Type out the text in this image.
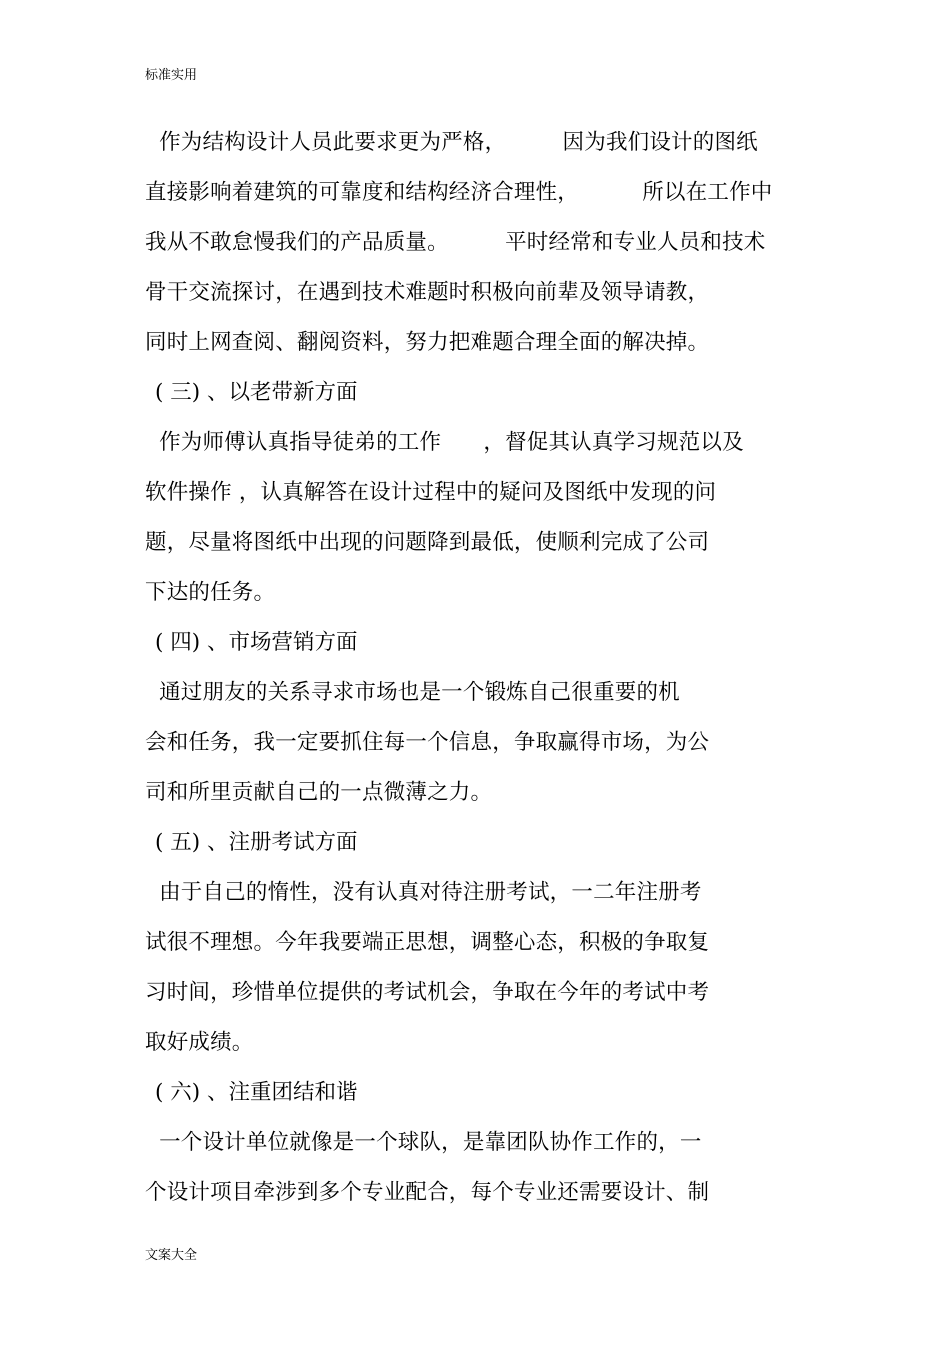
标准实用
作为结构设计人员此要求更为严格，        因为我们设计的图纸
直接影响着建筑的可靠度和结构经济合理性，         所以在工作中
我从不敢怠慢我们的产品质量。        平时经常和专业人员和技术
骨干交流探讨，在遇到技术难题时积极向前辈及领导请教，
同时上网查阅、翻阅资料，努力把难题合理全面的解决掉。
( 三) 、以老带新方面
作为师傅认真指导徒弟的工作      ，督促其认真学习规范以及
软件操作 ，认真解答在设计过程中的疑问及图纸中发现的问
题，尽量将图纸中出现的问题降到最低，使顺利完成了公司
下达的任务。
( 四) 、市场营销方面
通过朋友的关系寻求市场也是一个锻炼自己很重要的机
会和任务，我一定要抓住每一个信息，争取赢得市场，为公
司和所里贡献自己的一点微薄之力。
( 五) 、注册考试方面
由于自己的惰性，没有认真对待注册考试，一二年注册考
试很不理想。今年我要端正思想，调整心态，积极的争取复
习时间，珍惜单位提供的考试机会，争取在今年的考试中考
取好成绩。
( 六) 、注重团结和谐
一个设计单位就像是一个球队，是靠团队协作工作的，一
个设计项目牵涉到多个专业配合，每个专业还需要设计、制
文案大全
